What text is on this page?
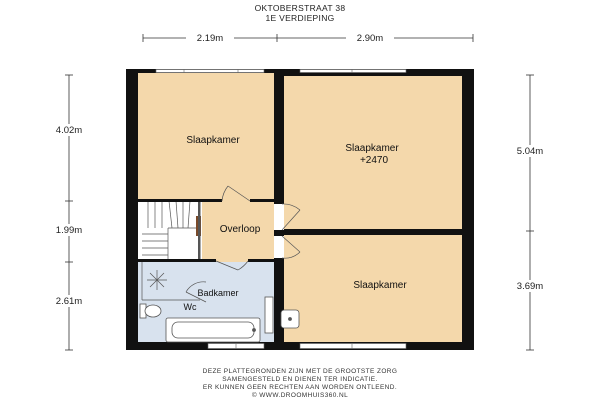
OKTOBERSTRAAT 38
1E VERDIEPING
2.19m	2.90m
4.02m
1.99m
2.61m
5.04m
3.69m
Slaapkamer
Slaapkamer
+2470
Overloop
Slaapkamer
Badkamer
Wc
DEZE PLATTEGRONDEN ZIJN MET DE GROOTSTE ZORG
SAMENGESTELD EN DIENEN TER INDICATIE.
ER KUNNEN GEEN RECHTEN AAN WORDEN ONTLEEND.
© WWW.DROOMHUIS360.NL
